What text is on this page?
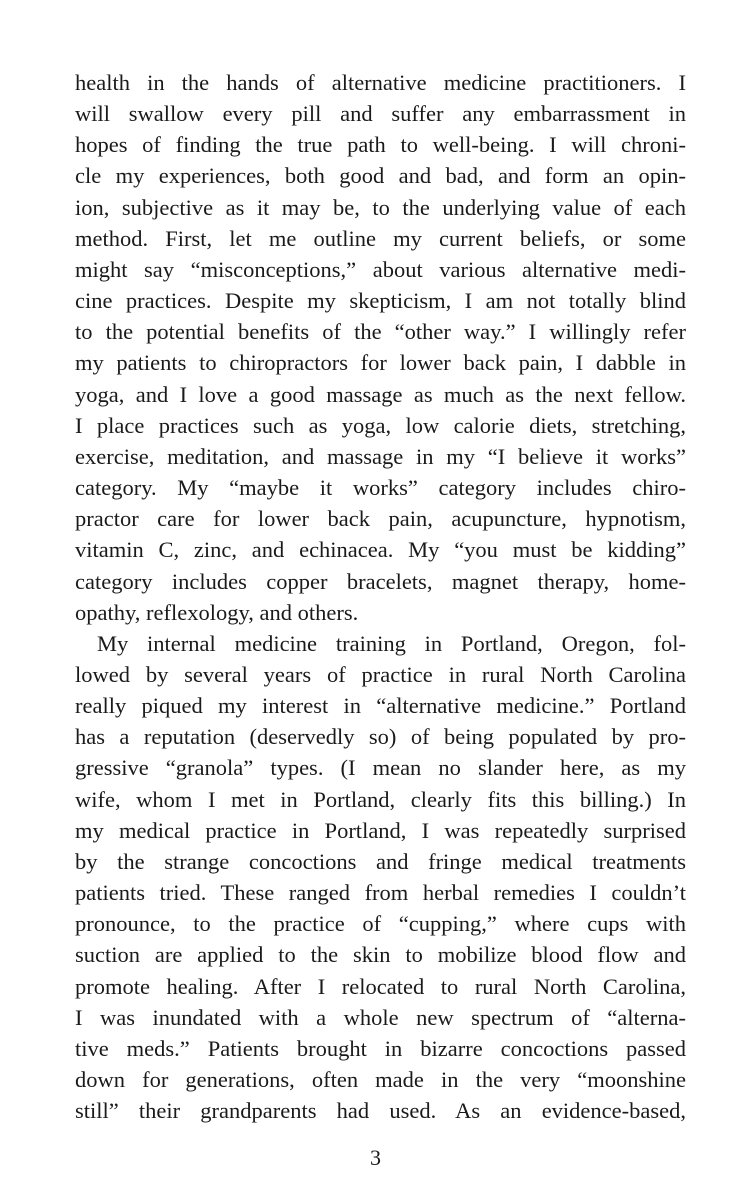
health in the hands of alternative medicine practitioners. I
will swallow every pill and suffer any embarrassment in
hopes of finding the true path to well-being. I will chroni-
cle my experiences, both good and bad, and form an opin-
ion, subjective as it may be, to the underlying value of each
method. First, let me outline my current beliefs, or some
might say “misconceptions,” about various alternative medi-
cine practices. Despite my skepticism, I am not totally blind
to the potential benefits of the “other way.” I willingly refer
my patients to chiropractors for lower back pain, I dabble in
yoga, and I love a good massage as much as the next fellow.
I place practices such as yoga, low calorie diets, stretching,
exercise, meditation, and massage in my “I believe it works”
category. My “maybe it works” category includes chiro-
practor care for lower back pain, acupuncture, hypnotism,
vitamin C, zinc, and echinacea. My “you must be kidding”
category includes copper bracelets, magnet therapy, home-
opathy, reflexology, and others.
My internal medicine training in Portland, Oregon, fol-
lowed by several years of practice in rural North Carolina
really piqued my interest in “alternative medicine.” Portland
has a reputation (deservedly so) of being populated by pro-
gressive “granola” types. (I mean no slander here, as my
wife, whom I met in Portland, clearly fits this billing.) In
my medical practice in Portland, I was repeatedly surprised
by the strange concoctions and fringe medical treatments
patients tried. These ranged from herbal remedies I couldn’t
pronounce, to the practice of “cupping,” where cups with
suction are applied to the skin to mobilize blood flow and
promote healing. After I relocated to rural North Carolina,
I was inundated with a whole new spectrum of “alterna-
tive meds.” Patients brought in bizarre concoctions passed
down for generations, often made in the very “moonshine
still” their grandparents had used. As an evidence-based,
3
